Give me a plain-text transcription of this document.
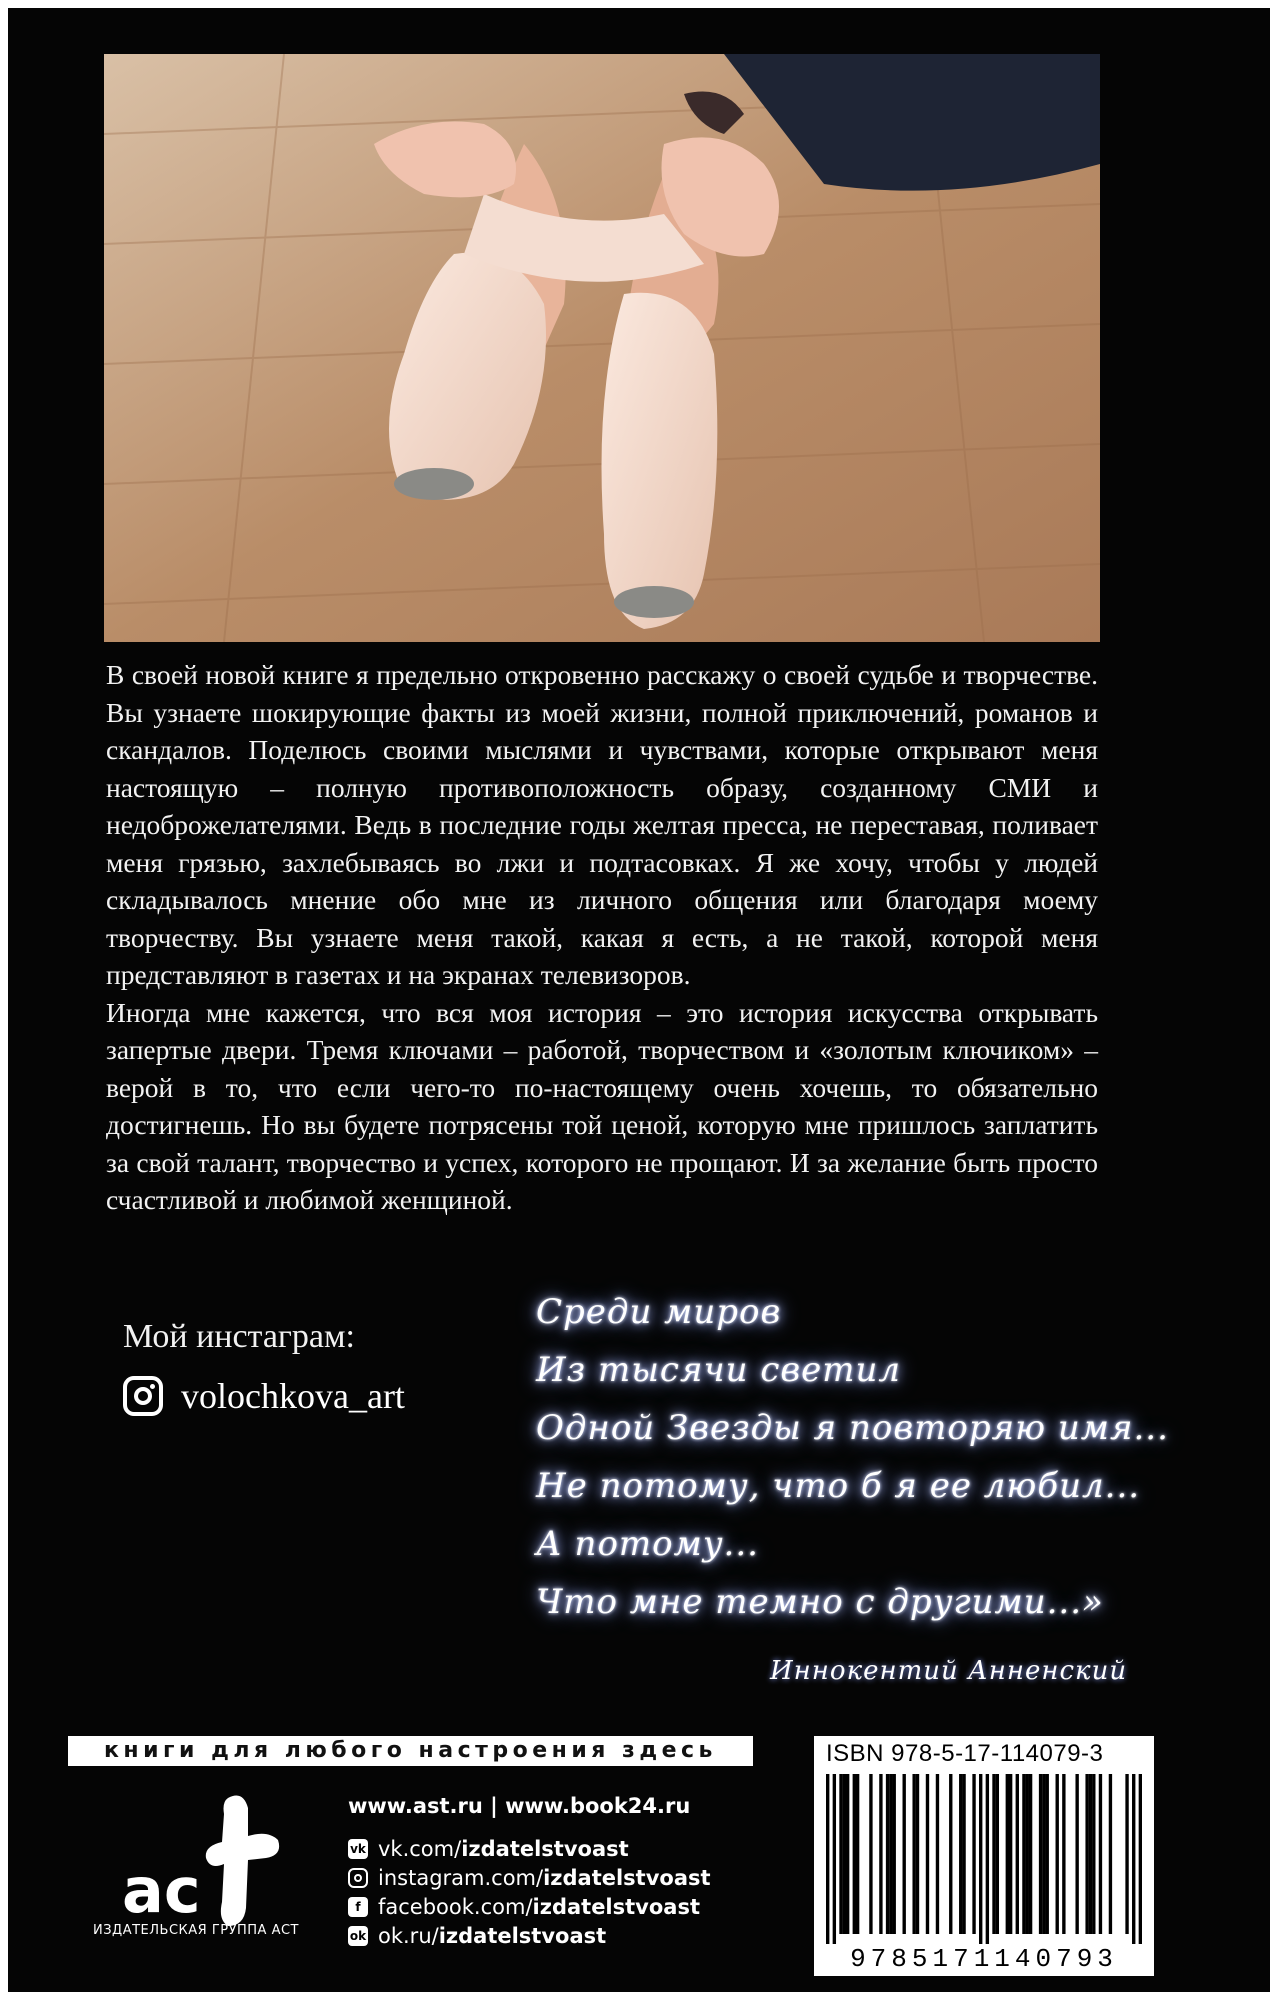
В своей новой книге я предельно откровенно расскажу о своей судьбе и творчестве. Вы узнаете шокирующие факты из моей жизни, полной приключений, романов и скандалов. Поделюсь своими мыслями и чувствами, которые открывают меня настоящую – полную противоположность образу, созданному СМИ и недоброжелателями. Ведь в последние годы желтая пресса, не переставая, поливает меня грязью, захлебываясь во лжи и подтасовках. Я же хочу, чтобы у людей складывалось мнение обо мне из личного общения или благодаря моему творчеству. Вы узнаете меня такой, какая я есть, а не такой, которой меня представляют в газетах и на экранах телевизоров.

Иногда мне кажется, что вся моя история – это история искусства открывать запертые двери. Тремя ключами – работой, творчеством и «золотым ключиком» – верой в то, что если чего-то по-настоящему очень хочешь, то обязательно достигнешь. Но вы будете потрясены той ценой, которую мне пришлось заплатить за свой талант, творчество и успех, которого не прощают. И за желание быть просто счастливой и любимой женщиной.

Мой инстаграм:
volochkova_art
Среди миров
Из тысячи светил
Одной Звезды я повторяю имя...
Не потому, что б я ее любил...
А потому...
Что мне темно с другими...»
Иннокентий Анненский
книги для любого настроения здесь
ас
ИЗДАТЕЛЬСКАЯ ГРУППА АСТ
www.ast.ru | www.book24.ru
vk vk.com/ izdatelstvoast
instagram.com/ izdatelstvoast
f facebook.com/ izdatelstvoast
ok ok.ru/ izdatelstvoast
ISBN 978-5-17-114079-3
9785171140793
